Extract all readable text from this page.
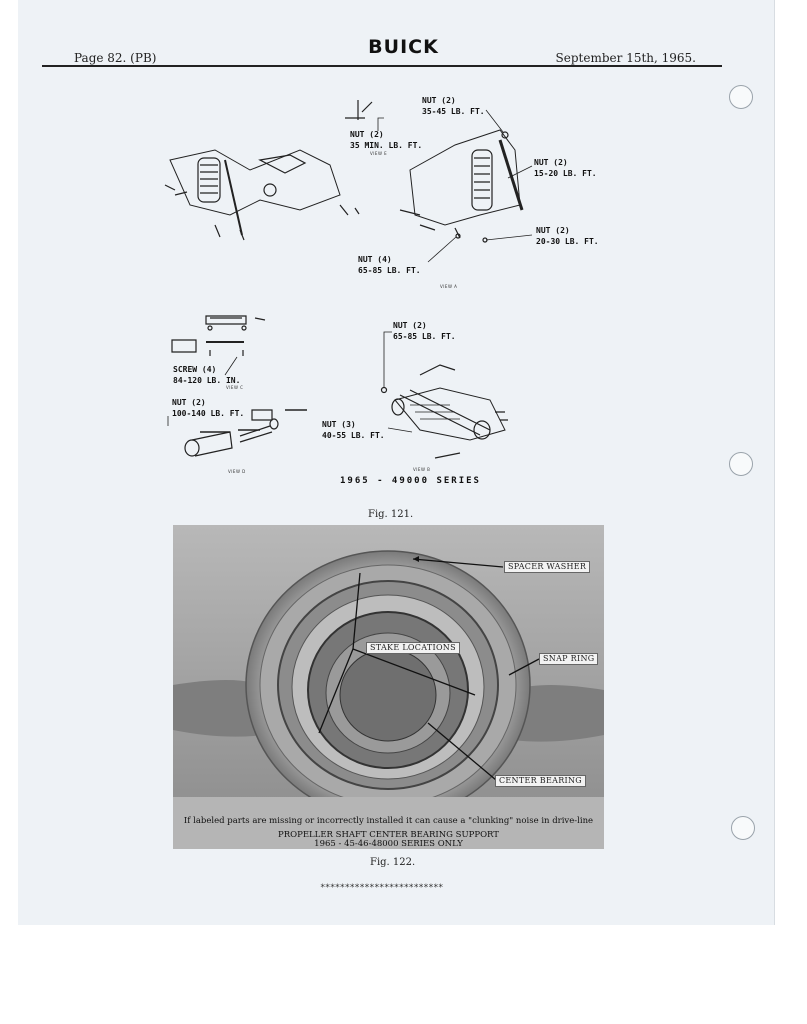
Page 82. (PB)	BUICK	September 15th, 1965.
NUT (2)
35-45 LB. FT.
NUT (2)
35 MIN. LB. FT.
VIEW E
NUT (2)
15-20 LB. FT.
NUT (2)
20-30 LB. FT.
NUT (4)
65-85 LB. FT.
VIEW A
NUT (2)
65-85 LB. FT.
SCREW (4)
84-120 LB. IN.
VIEW C
NUT (2)
100-140 LB. FT.
NUT (3)
40-55 LB. FT.
VIEW D	VIEW B
1965 - 49000 SERIES
Fig. 121.
SPACER WASHER
STAKE LOCATIONS
SNAP RING
CENTER BEARING
If labeled parts are missing or incorrectly installed it can cause a "clunking" noise in drive-line
PROPELLER SHAFT CENTER BEARING SUPPORT
1965 - 45-46-48000 SERIES ONLY
Fig. 122.
*************************
